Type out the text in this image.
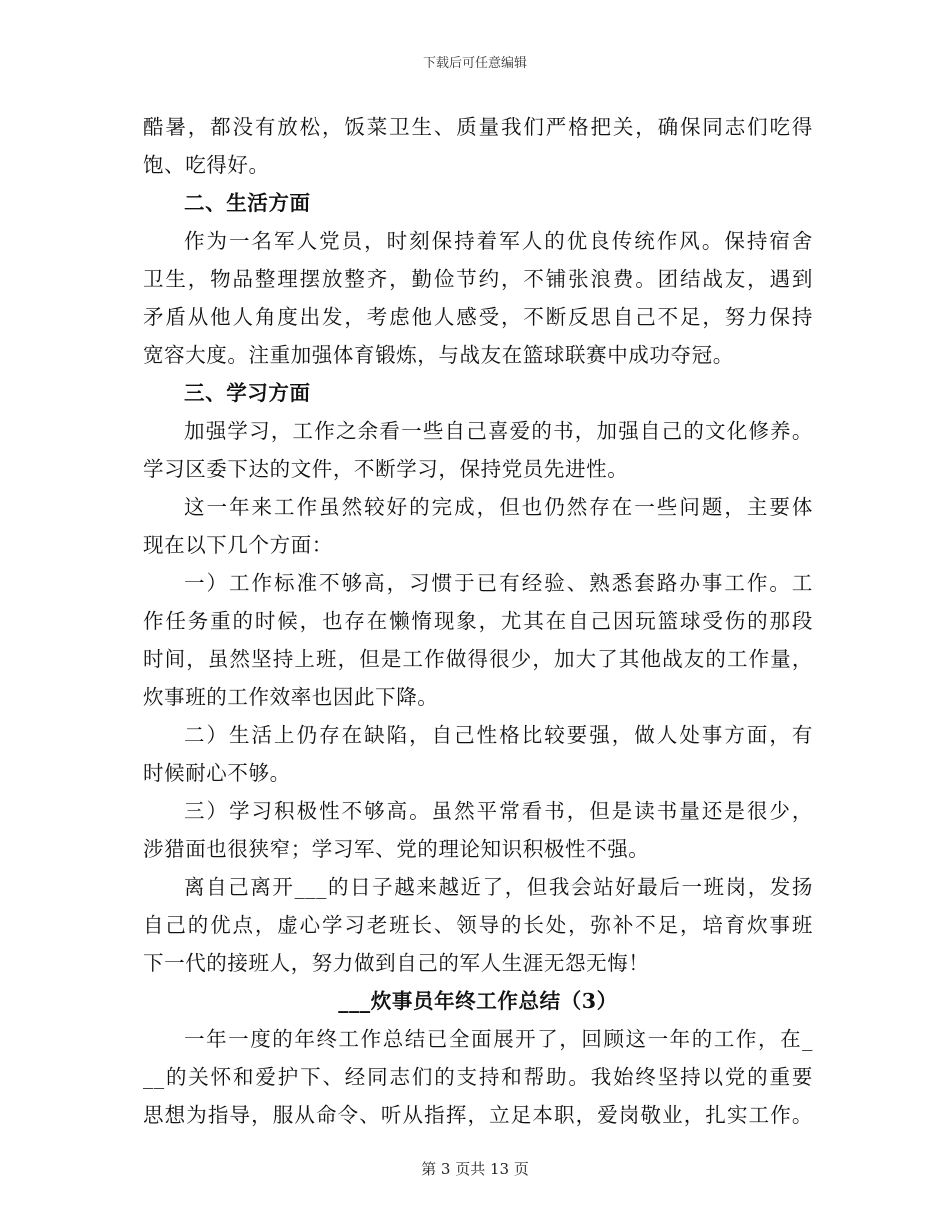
下载后可任意编辑
酷暑，都没有放松，饭菜卫生、质量我们严格把关，确保同志们吃得
饱、吃得好。
二、生活方面
作为一名军人党员，时刻保持着军人的优良传统作风。保持宿舍
卫生，物品整理摆放整齐，勤俭节约，不铺张浪费。团结战友，遇到
矛盾从他人角度出发，考虑他人感受，不断反思自己不足，努力保持
宽容大度。注重加强体育锻炼，与战友在篮球联赛中成功夺冠。
三、学习方面
加强学习，工作之余看一些自己喜爱的书，加强自己的文化修养。
学习区委下达的文件，不断学习，保持党员先进性。
这一年来工作虽然较好的完成，但也仍然存在一些问题，主要体
现在以下几个方面：
一）工作标准不够高，习惯于已有经验、熟悉套路办事工作。工
作任务重的时候，也存在懒惰现象，尤其在自己因玩篮球受伤的那段
时间，虽然坚持上班，但是工作做得很少，加大了其他战友的工作量，
炊事班的工作效率也因此下降。
二）生活上仍存在缺陷，自己性格比较要强，做人处事方面，有
时候耐心不够。
三）学习积极性不够高。虽然平常看书，但是读书量还是很少，
涉猎面也很狭窄；学习军、党的理论知识积极性不强。
离自己离开___的日子越来越近了，但我会站好最后一班岗，发扬
自己的优点，虚心学习老班长、领导的长处，弥补不足，培育炊事班
下一代的接班人，努力做到自己的军人生涯无怨无悔！
___炊事员年终工作总结（3）
一年一度的年终工作总结已全面展开了，回顾这一年的工作，在_
__的关怀和爱护下、经同志们的支持和帮助。我始终坚持以党的重要
思想为指导，服从命令、听从指挥，立足本职，爱岗敬业，扎实工作。
第 3 页共 13 页
